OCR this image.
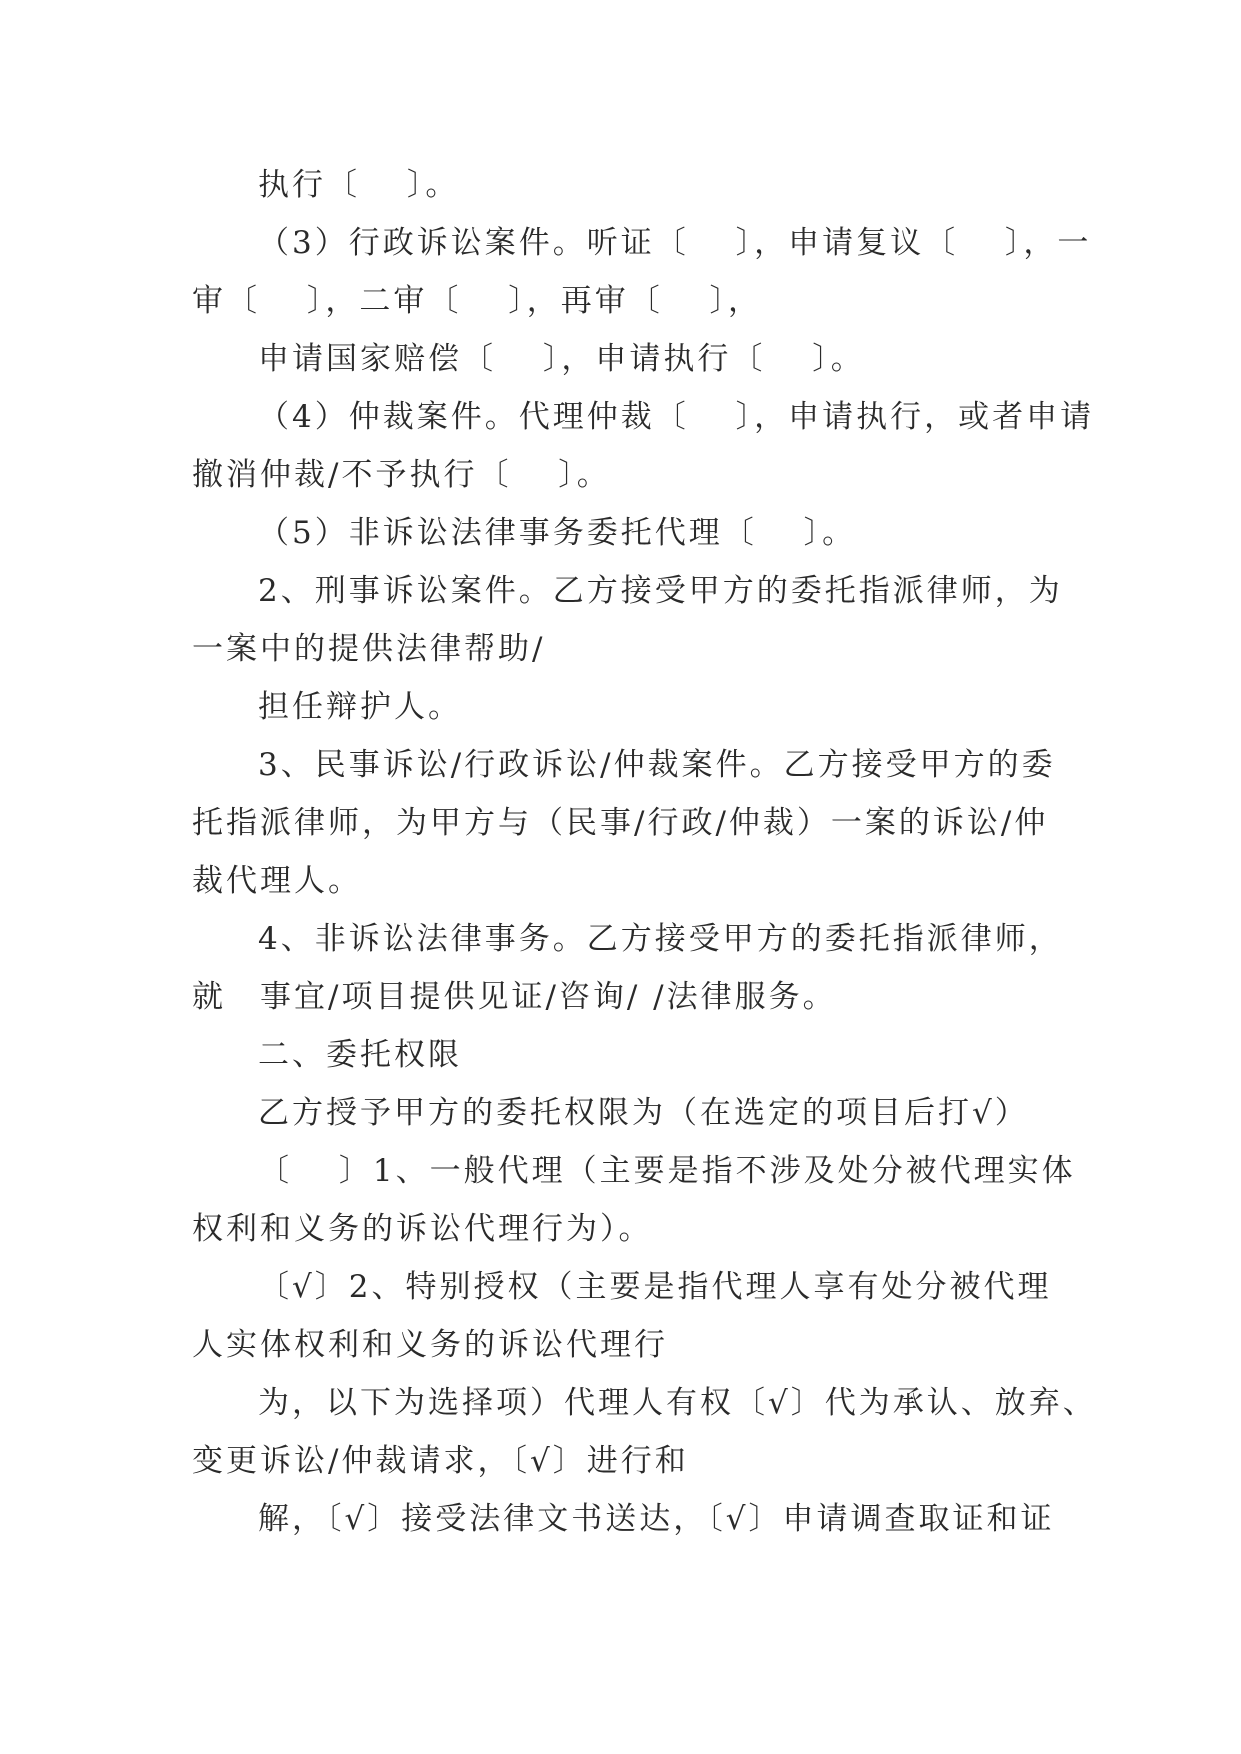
执行〔　 〕。
（3）行政诉讼案件。听证〔　 〕，申请复议〔　 〕，一
审〔　 〕，二审〔　 〕，再审〔　 〕，
申请国家赔偿〔　 〕，申请执行〔　 〕。
（4）仲裁案件。代理仲裁〔　 〕，申请执行，或者申请
撤消仲裁/不予执行〔　 〕。
（5）非诉讼法律事务委托代理〔　 〕。
2、刑事诉讼案件。乙方接受甲方的委托指派律师，为
一案中的提供法律帮助/
担任辩护人。
3、民事诉讼/行政诉讼/仲裁案件。乙方接受甲方的委
托指派律师，为甲方与（民事/行政/仲裁）一案的诉讼/仲
裁代理人。
4、非诉讼法律事务。乙方接受甲方的委托指派律师，
就　事宜/项目提供见证/咨询/ /法律服务。
二、委托权限
乙方授予甲方的委托权限为（在选定的项目后打√）
〔　 〕1、一般代理（主要是指不涉及处分被代理实体
权利和义务的诉讼代理行为）。
〔√〕2、特别授权（主要是指代理人享有处分被代理
人实体权利和义务的诉讼代理行
为，以下为选择项）代理人有权〔√〕代为承认、放弃、
变更诉讼/仲裁请求，〔√〕进行和
解，〔√〕接受法律文书送达，〔√〕申请调查取证和证
